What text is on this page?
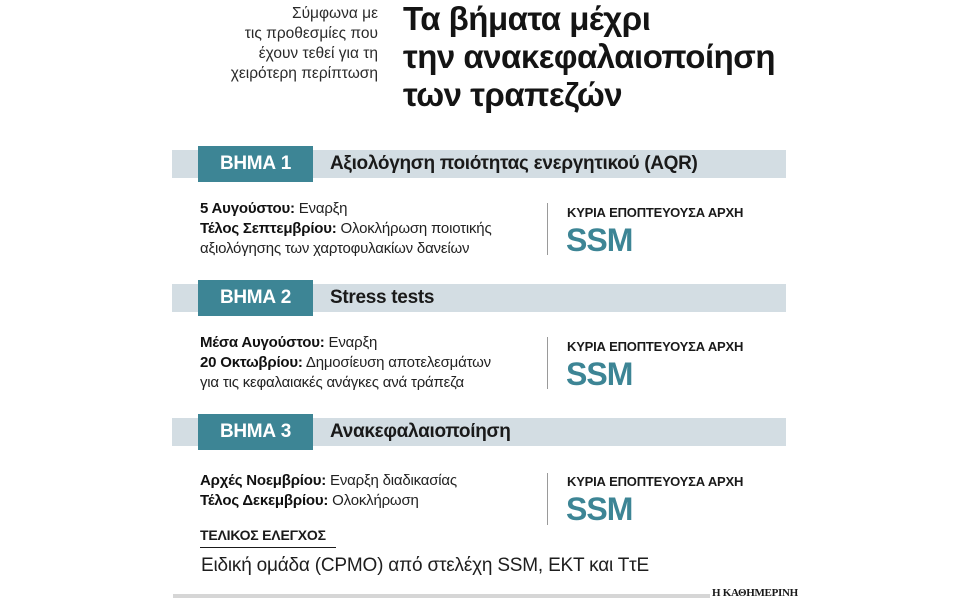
Σύμφωνα με
τις προθεσμίες που
έχουν τεθεί για τη
χειρότερη περίπτωση
Τα βήματα μέχρι
την ανακεφαλαιοποίηση
των τραπεζών
ΒΗΜΑ 1	Αξιολόγηση ποιότητας ενεργητικού (AQR)
5 Αυγούστου: Εναρξη
Τέλος Σεπτεμβρίου: Ολοκλήρωση ποιοτικής
αξιολόγησης των χαρτοφυλακίων δανείων
ΚΥΡΙΑ ΕΠΟΠΤΕΥΟΥΣΑ ΑΡΧΗ
SSM
ΒΗΜΑ 2	Stress tests
Μέσα Αυγούστου: Εναρξη
20 Οκτωβρίου: Δημοσίευση αποτελεσμάτων
για τις κεφαλαιακές ανάγκες ανά τράπεζα
ΚΥΡΙΑ ΕΠΟΠΤΕΥΟΥΣΑ ΑΡΧΗ
SSM
ΒΗΜΑ 3	Ανακεφαλαιοποίηση
Αρχές Νοεμβρίου: Εναρξη διαδικασίας
Τέλος Δεκεμβρίου: Ολοκλήρωση
ΚΥΡΙΑ ΕΠΟΠΤΕΥΟΥΣΑ ΑΡΧΗ
SSM
ΤΕΛΙΚΟΣ ΕΛΕΓΧΟΣ
Ειδική ομάδα (CPMO) από στελέχη SSM, ΕΚΤ και ΤτΕ
Η ΚΑΘΗΜΕΡΙΝΗ
